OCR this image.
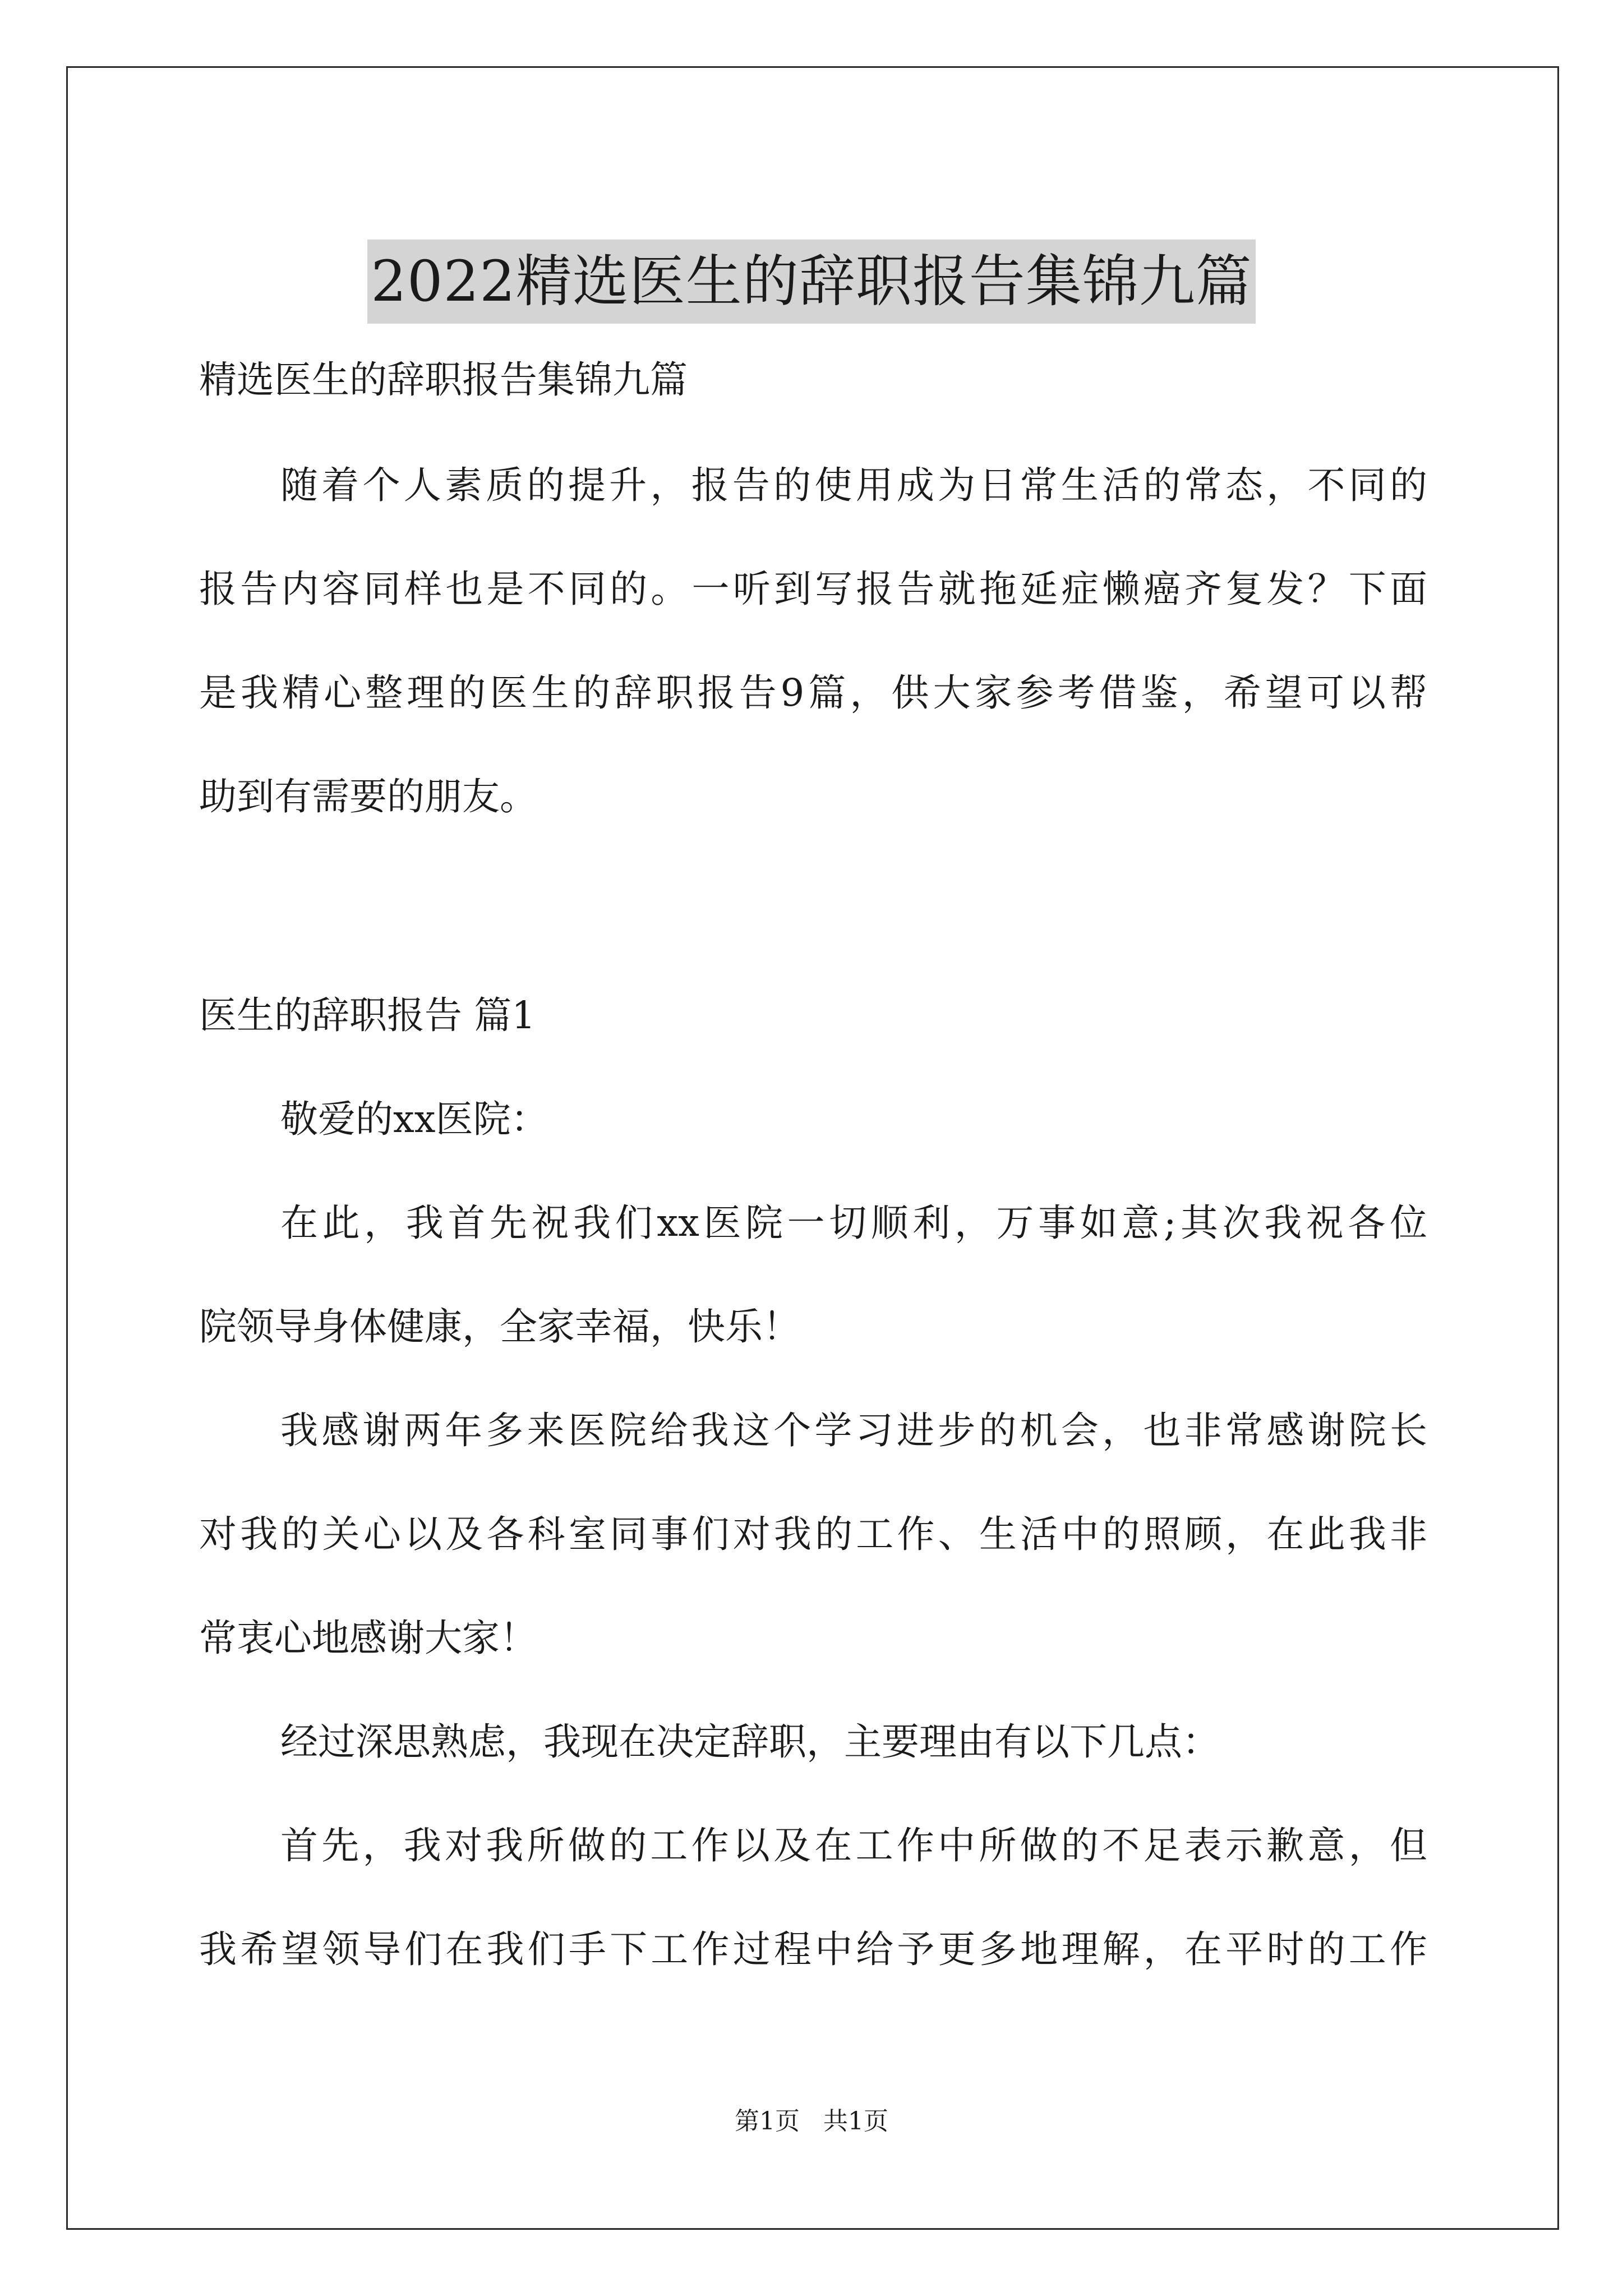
2022精选医生的辞职报告集锦九篇
精选医生的辞职报告集锦九篇
随着个人素质的提升，报告的使用成为日常生活的常态，不同的
报告内容同样也是不同的。一听到写报告就拖延症懒癌齐复发？下面
是我精心整理的医生的辞职报告9篇，供大家参考借鉴，希望可以帮
助到有需要的朋友。
医生的辞职报告 篇1
敬爱的xx医院：
在此，我首先祝我们xx医院一切顺利，万事如意;其次我祝各位
院领导身体健康，全家幸福，快乐！
我感谢两年多来医院给我这个学习进步的机会，也非常感谢院长
对我的关心以及各科室同事们对我的工作、生活中的照顾，在此我非
常衷心地感谢大家！
经过深思熟虑，我现在决定辞职，主要理由有以下几点：
首先，我对我所做的工作以及在工作中所做的不足表示歉意，但
我希望领导们在我们手下工作过程中给予更多地理解，在平时的工作
第1页   共1页
